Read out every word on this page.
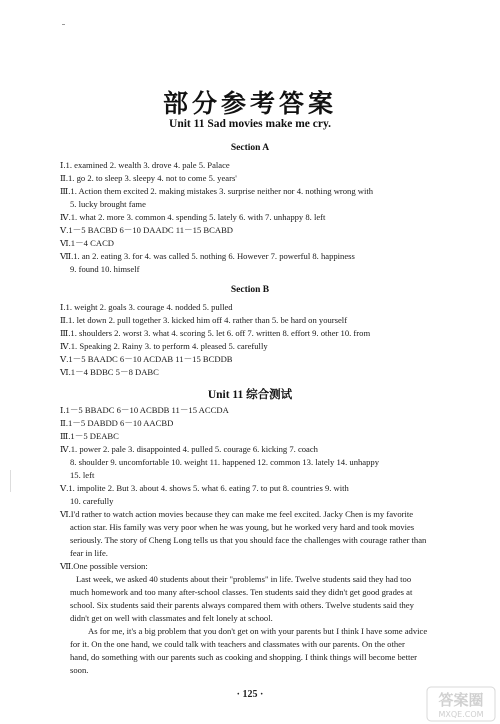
部分参考答案
Unit 11 Sad movies make me cry.
Section A
Ⅰ.1. examined 2. wealth 3. drove 4. pale 5. Palace
Ⅱ.1. go 2. to sleep 3. sleepy 4. not to come 5. years'
Ⅲ.1. Action them excited 2. making mistakes 3. surprise neither nor 4. nothing wrong with
5. lucky brought fame
Ⅳ.1. what 2. more 3. common 4. spending 5. lately 6. with 7. unhappy 8. left
Ⅴ.1－5 BACBD 6－10 DAADC 11－15 BCABD
Ⅵ.1－4 CACD
Ⅶ.1. an 2. eating 3. for 4. was called 5. nothing 6. However 7. powerful 8. happiness
9. found 10. himself
Section B
Ⅰ.1. weight 2. goals 3. courage 4. nodded 5. pulled
Ⅱ.1. let down 2. pull together 3. kicked him off 4. rather than 5. be hard on yourself
Ⅲ.1. shoulders 2. worst 3. what 4. scoring 5. let 6. off 7. written 8. effort 9. other 10. from
Ⅳ.1. Speaking 2. Rainy 3. to perform 4. pleased 5. carefully
Ⅴ.1－5 BAADC 6－10 ACDAB 11－15 BCDDB
Ⅵ.1－4 BDBC 5－8 DABC
Unit 11 综合测试
Ⅰ.1－5 BBADC 6－10 ACBDB 11－15 ACCDA
Ⅱ.1－5 DABDD 6－10 AACBD
Ⅲ.1－5 DEABC
Ⅳ.1. power 2. pale 3. disappointed 4. pulled 5. courage 6. kicking 7. coach
8. shoulder 9. uncomfortable 10. weight 11. happened 12. common 13. lately 14. unhappy
15. left
Ⅴ.1. impolite 2. But 3. about 4. shows 5. what 6. eating 7. to put 8. countries 9. with
10. carefully
Ⅵ.I'd rather to watch action movies because they can make me feel excited. Jacky Chen is my favorite
action star. His family was very poor when he was young, but he worked very hard and took movies
seriously. The story of Cheng Long tells us that you should face the challenges with courage rather than
fear in life.
Ⅶ.One possible version:
Last week, we asked 40 students about their "problems" in life. Twelve students said they had too
much homework and too many after-school classes. Ten students said they didn't get good grades at
school. Six students said their parents always compared them with others. Twelve students said they
didn't get on well with classmates and felt lonely at school.
As for me, it's a big problem that you don't get on with your parents but I think I have some advice
for it. On the one hand, we could talk with teachers and classmates with our parents. On the other
hand, do something with our parents such as cooking and shopping. I think things will become better
soon.
· 125 ·	答案圈
MXQE.COM
